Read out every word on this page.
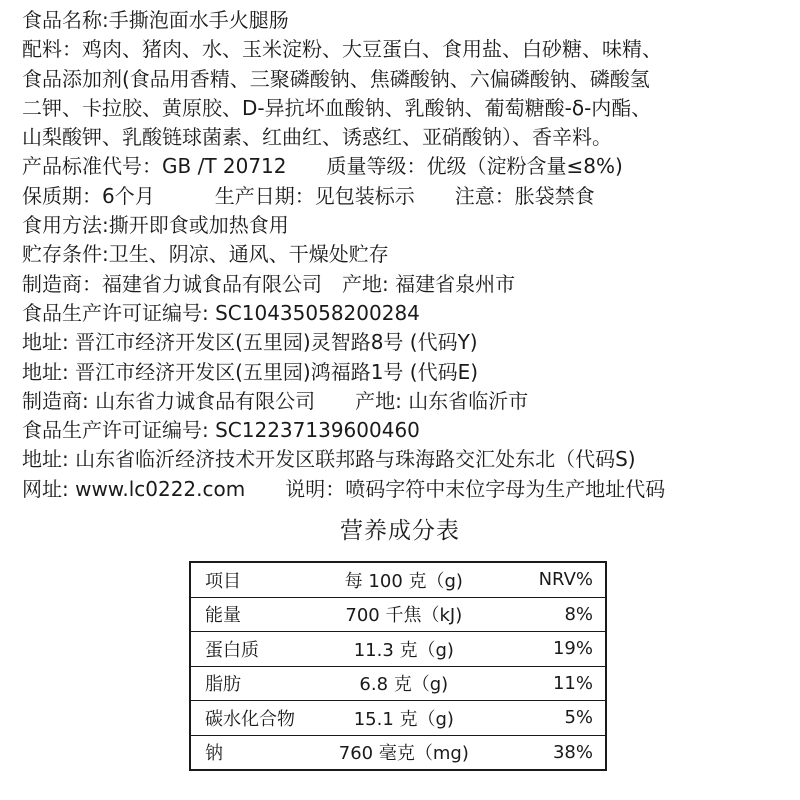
食品名称:手撕泡面水手火腿肠
配料：鸡肉、猪肉、水、玉米淀粉、大豆蛋白、食用盐、白砂糖、味精、
食品添加剂(食品用香精、三聚磷酸钠、焦磷酸钠、六偏磷酸钠、磷酸氢
二钾、卡拉胶、黄原胶、D-异抗坏血酸钠、乳酸钠、葡萄糖酸-δ-内酯、
山梨酸钾、乳酸链球菌素、红曲红、诱惑红、亚硝酸钠）、香辛料。
产品标准代号：GB /T 20712　　质量等级：优级（淀粉含量≤8%)
保质期：6个月　　　生产日期：见包装标示　　注意：胀袋禁食
食用方法:撕开即食或加热食用
贮存条件:卫生、阴凉、通风、干燥处贮存
制造商：福建省力诚食品有限公司　产地: 福建省泉州市
食品生产许可证编号: SC10435058200284
地址: 晋江市经济开发区(五里园)灵智路8号 (代码Y)
地址: 晋江市经济开发区(五里园)鸿福路1号 (代码E)
制造商: 山东省力诚食品有限公司　　产地: 山东省临沂市
食品生产许可证编号: SC12237139600460
地址: 山东省临沂经济技术开发区联邦路与珠海路交汇处东北（代码S)
网址: www.lc0222.com　　说明：喷码字符中末位字母为生产地址代码
营养成分表
项目	每 100 克（g)	NRV%
能量	700 千焦（kJ)	8%
蛋白质	11.3 克（g)	19%
脂肪	6.8 克（g)	11%
碳水化合物	15.1 克（g)	5%
钠	760 毫克（mg)	38%
